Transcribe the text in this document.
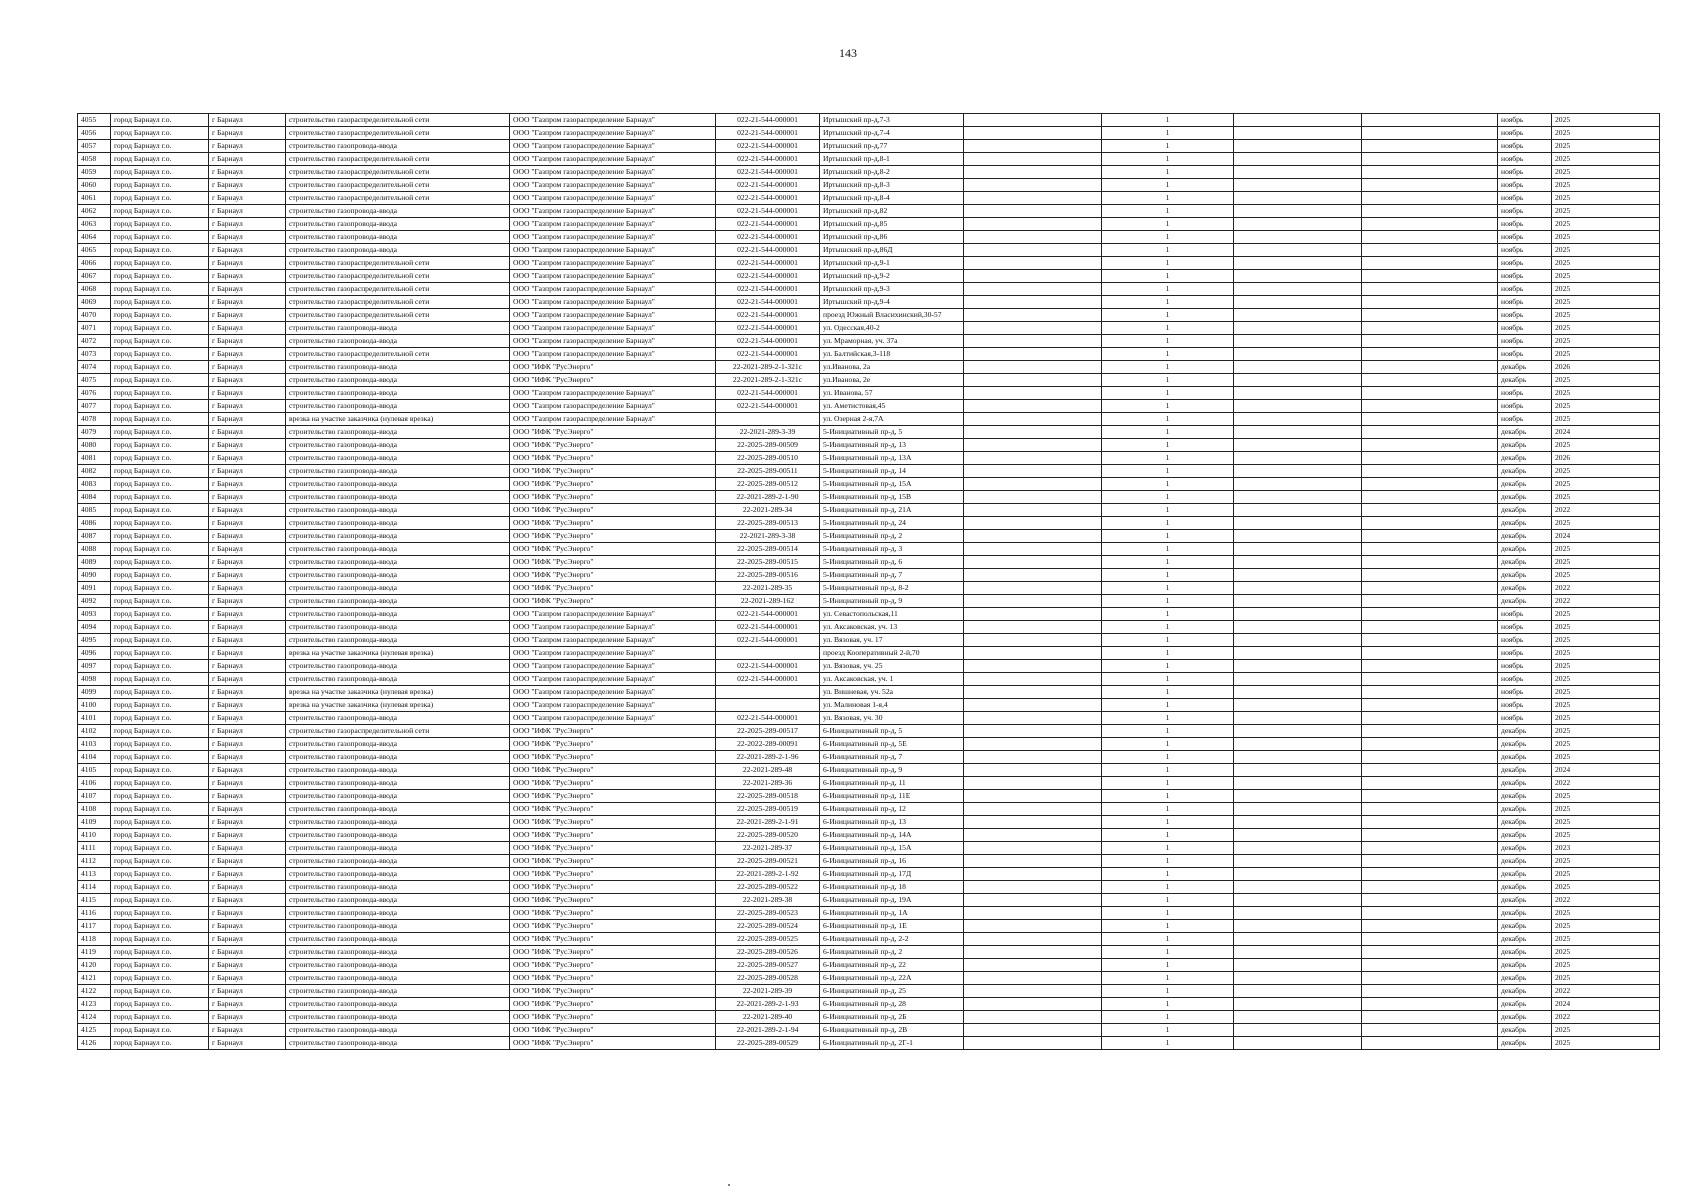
143
4055	город Барнаул г.о.	г Барнаул	строительство газораспределительной сети	ООО "Газпром газораспределение Барнаул"	022-21-544-000001	Иртышский пр-д,7-3		1			ноябрь	2025
4056	город Барнаул г.о.	г Барнаул	строительство газораспределительной сети	ООО "Газпром газораспределение Барнаул"	022-21-544-000001	Иртышский пр-д,7-4		1			ноябрь	2025
4057	город Барнаул г.о.	г Барнаул	строительство газопровода-ввода	ООО "Газпром газораспределение Барнаул"	022-21-544-000001	Иртышский пр-д,77		1			ноябрь	2025
4058	город Барнаул г.о.	г Барнаул	строительство газораспределительной сети	ООО "Газпром газораспределение Барнаул"	022-21-544-000001	Иртышский пр-д,8-1		1			ноябрь	2025
4059	город Барнаул г.о.	г Барнаул	строительство газораспределительной сети	ООО "Газпром газораспределение Барнаул"	022-21-544-000001	Иртышский пр-д,8-2		1			ноябрь	2025
4060	город Барнаул г.о.	г Барнаул	строительство газораспределительной сети	ООО "Газпром газораспределение Барнаул"	022-21-544-000001	Иртышский пр-д,8-3		1			ноябрь	2025
4061	город Барнаул г.о.	г Барнаул	строительство газораспределительной сети	ООО "Газпром газораспределение Барнаул"	022-21-544-000001	Иртышский пр-д,8-4		1			ноябрь	2025
4062	город Барнаул г.о.	г Барнаул	строительство газопровода-ввода	ООО "Газпром газораспределение Барнаул"	022-21-544-000001	Иртышский пр-д,82		1			ноябрь	2025
4063	город Барнаул г.о.	г Барнаул	строительство газопровода-ввода	ООО "Газпром газораспределение Барнаул"	022-21-544-000001	Иртышский пр-д,85		1			ноябрь	2025
4064	город Барнаул г.о.	г Барнаул	строительство газопровода-ввода	ООО "Газпром газораспределение Барнаул"	022-21-544-000001	Иртышский пр-д,86		1			ноябрь	2025
4065	город Барнаул г.о.	г Барнаул	строительство газопровода-ввода	ООО "Газпром газораспределение Барнаул"	022-21-544-000001	Иртышский пр-д,86Д		1			ноябрь	2025
4066	город Барнаул г.о.	г Барнаул	строительство газораспределительной сети	ООО "Газпром газораспределение Барнаул"	022-21-544-000001	Иртышский пр-д,9-1		1			ноябрь	2025
4067	город Барнаул г.о.	г Барнаул	строительство газораспределительной сети	ООО "Газпром газораспределение Барнаул"	022-21-544-000001	Иртышский пр-д,9-2		1			ноябрь	2025
4068	город Барнаул г.о.	г Барнаул	строительство газораспределительной сети	ООО "Газпром газораспределение Барнаул"	022-21-544-000001	Иртышский пр-д,9-3		1			ноябрь	2025
4069	город Барнаул г.о.	г Барнаул	строительство газораспределительной сети	ООО "Газпром газораспределение Барнаул"	022-21-544-000001	Иртышский пр-д,9-4		1			ноябрь	2025
4070	город Барнаул г.о.	г Барнаул	строительство газораспределительной сети	ООО "Газпром газораспределение Барнаул"	022-21-544-000001	проезд Южный Власихинский,30-57		1			ноябрь	2025
4071	город Барнаул г.о.	г Барнаул	строительство газопровода-ввода	ООО "Газпром газораспределение Барнаул"	022-21-544-000001	ул. Одесская,40-2		1			ноябрь	2025
4072	город Барнаул г.о.	г Барнаул	строительство газопровода-ввода	ООО "Газпром газораспределение Барнаул"	022-21-544-000001	ул. Мраморная, уч. 37а		1			ноябрь	2025
4073	город Барнаул г.о.	г Барнаул	строительство газораспределительной сети	ООО "Газпром газораспределение Барнаул"	022-21-544-000001	ул. Балтийская,3-118		1			ноябрь	2025
4074	город Барнаул г.о.	г Барнаул	строительство газопровода-ввода	ООО "ИФК "РусЭнерго"	22-2021-289-2-1-321с	ул.Иванова, 2а		1			декабрь	2026
4075	город Барнаул г.о.	г Барнаул	строительство газопровода-ввода	ООО "ИФК "РусЭнерго"	22-2021-289-2-1-321с	ул.Иванова, 2е		1			декабрь	2025
4076	город Барнаул г.о.	г Барнаул	строительство газопровода-ввода	ООО "Газпром газораспределение Барнаул"	022-21-544-000001	ул. Иванова, 57		1			ноябрь	2025
4077	город Барнаул г.о.	г Барнаул	строительство газопровода-ввода	ООО "Газпром газораспределение Барнаул"	022-21-544-000001	ул. Аметистовая,45		1			ноябрь	2025
4078	город Барнаул г.о.	г Барнаул	врезка на участке заказчика (нулевая врезка)	ООО "Газпром газораспределение Барнаул"		ул. Озерная 2-я,7А		1			ноябрь	2025
4079	город Барнаул г.о.	г Барнаул	строительство газопровода-ввода	ООО "ИФК "РусЭнерго"	22-2021-289-3-39	5-Инициативный пр-д, 5		1			декабрь	2024
4080	город Барнаул г.о.	г Барнаул	строительство газопровода-ввода	ООО "ИФК "РусЭнерго"	22-2025-289-00509	5-Инициативный пр-д, 13		1			декабрь	2025
4081	город Барнаул г.о.	г Барнаул	строительство газопровода-ввода	ООО "ИФК "РусЭнерго"	22-2025-289-00510	5-Инициативный пр-д, 13А		1			декабрь	2026
4082	город Барнаул г.о.	г Барнаул	строительство газопровода-ввода	ООО "ИФК "РусЭнерго"	22-2025-289-00511	5-Инициативный пр-д, 14		1			декабрь	2025
4083	город Барнаул г.о.	г Барнаул	строительство газопровода-ввода	ООО "ИФК "РусЭнерго"	22-2025-289-00512	5-Инициативный пр-д, 15А		1			декабрь	2025
4084	город Барнаул г.о.	г Барнаул	строительство газопровода-ввода	ООО "ИФК "РусЭнерго"	22-2021-289-2-1-90	5-Инициативный пр-д, 15В		1			декабрь	2025
4085	город Барнаул г.о.	г Барнаул	строительство газопровода-ввода	ООО "ИФК "РусЭнерго"	22-2021-289-34	5-Инициативный пр-д, 21А		1			декабрь	2022
4086	город Барнаул г.о.	г Барнаул	строительство газопровода-ввода	ООО "ИФК "РусЭнерго"	22-2025-289-00513	5-Инициативный пр-д, 24		1			декабрь	2025
4087	город Барнаул г.о.	г Барнаул	строительство газопровода-ввода	ООО "ИФК "РусЭнерго"	22-2021-289-3-38	5-Инициативный пр-д, 2		1			декабрь	2024
4088	город Барнаул г.о.	г Барнаул	строительство газопровода-ввода	ООО "ИФК "РусЭнерго"	22-2025-289-00514	5-Инициативный пр-д, 3		1			декабрь	2025
4089	город Барнаул г.о.	г Барнаул	строительство газопровода-ввода	ООО "ИФК "РусЭнерго"	22-2025-289-00515	5-Инициативный пр-д, 6		1			декабрь	2025
4090	город Барнаул г.о.	г Барнаул	строительство газопровода-ввода	ООО "ИФК "РусЭнерго"	22-2025-289-00516	5-Инициативный пр-д, 7		1			декабрь	2025
4091	город Барнаул г.о.	г Барнаул	строительство газопровода-ввода	ООО "ИФК "РусЭнерго"	22-2021-289-35	5-Инициативный пр-д, 8-2		1			декабрь	2022
4092	город Барнаул г.о.	г Барнаул	строительство газопровода-ввода	ООО "ИФК "РусЭнерго"	22-2021-289-162	5-Инициативный пр-д, 9		1			декабрь	2022
4093	город Барнаул г.о.	г Барнаул	строительство газопровода-ввода	ООО "Газпром газораспределение Барнаул"	022-21-544-000001	ул. Севастопольская,11		1			ноябрь	2025
4094	город Барнаул г.о.	г Барнаул	строительство газопровода-ввода	ООО "Газпром газораспределение Барнаул"	022-21-544-000001	ул. Аксаковская, уч. 13		1			ноябрь	2025
4095	город Барнаул г.о.	г Барнаул	строительство газопровода-ввода	ООО "Газпром газораспределение Барнаул"	022-21-544-000001	ул. Вязовая, уч. 17		1			ноябрь	2025
4096	город Барнаул г.о.	г Барнаул	врезка на участке заказчика (нулевая врезка)	ООО "Газпром газораспределение Барнаул"		проезд Кооперативный 2-й,70		1			ноябрь	2025
4097	город Барнаул г.о.	г Барнаул	строительство газопровода-ввода	ООО "Газпром газораспределение Барнаул"	022-21-544-000001	ул. Вязовая, уч. 25		1			ноябрь	2025
4098	город Барнаул г.о.	г Барнаул	строительство газопровода-ввода	ООО "Газпром газораспределение Барнаул"	022-21-544-000001	ул. Аксаковская, уч. 1		1			ноябрь	2025
4099	город Барнаул г.о.	г Барнаул	врезка на участке заказчика (нулевая врезка)	ООО "Газпром газораспределение Барнаул"		ул. Вишневая, уч. 52а		1			ноябрь	2025
4100	город Барнаул г.о.	г Барнаул	врезка на участке заказчика (нулевая врезка)	ООО "Газпром газораспределение Барнаул"		ул. Малиновая 1-я,4		1			ноябрь	2025
4101	город Барнаул г.о.	г Барнаул	строительство газопровода-ввода	ООО "Газпром газораспределение Барнаул"	022-21-544-000001	ул. Вязовая, уч. 30		1			ноябрь	2025
4102	город Барнаул г.о.	г Барнаул	строительство газораспределительной сети	ООО "ИФК "РусЭнерго"	22-2025-289-00517	6-Инициативный пр-д, 5		1			декабрь	2025
4103	город Барнаул г.о.	г Барнаул	строительство газопровода-ввода	ООО "ИФК "РусЭнерго"	22-2022-289-00091	6-Инициативный пр-д, 5Е		1			декабрь	2025
4104	город Барнаул г.о.	г Барнаул	строительство газопровода-ввода	ООО "ИФК "РусЭнерго"	22-2021-289-2-1-96	6-Инициативный пр-д, 7		1			декабрь	2025
4105	город Барнаул г.о.	г Барнаул	строительство газопровода-ввода	ООО "ИФК "РусЭнерго"	22-2021-289-48	6-Инициативный пр-д, 9		1			декабрь	2024
4106	город Барнаул г.о.	г Барнаул	строительство газопровода-ввода	ООО "ИФК "РусЭнерго"	22-2021-289-36	6-Инициативный пр-д, 11		1			декабрь	2022
4107	город Барнаул г.о.	г Барнаул	строительство газопровода-ввода	ООО "ИФК "РусЭнерго"	22-2025-289-00518	6-Инициативный пр-д, 11Е		1			декабрь	2025
4108	город Барнаул г.о.	г Барнаул	строительство газопровода-ввода	ООО "ИФК "РусЭнерго"	22-2025-289-00519	6-Инициативный пр-д, 12		1			декабрь	2025
4109	город Барнаул г.о.	г Барнаул	строительство газопровода-ввода	ООО "ИФК "РусЭнерго"	22-2021-289-2-1-91	6-Инициативный пр-д, 13		1			декабрь	2025
4110	город Барнаул г.о.	г Барнаул	строительство газопровода-ввода	ООО "ИФК "РусЭнерго"	22-2025-289-00520	6-Инициативный пр-д, 14А		1			декабрь	2025
4111	город Барнаул г.о.	г Барнаул	строительство газопровода-ввода	ООО "ИФК "РусЭнерго"	22-2021-289-37	6-Инициативный пр-д, 15А		1			декабрь	2023
4112	город Барнаул г.о.	г Барнаул	строительство газопровода-ввода	ООО "ИФК "РусЭнерго"	22-2025-289-00521	6-Инициативный пр-д, 16		1			декабрь	2025
4113	город Барнаул г.о.	г Барнаул	строительство газопровода-ввода	ООО "ИФК "РусЭнерго"	22-2021-289-2-1-92	6-Инициативный пр-д, 17Д		1			декабрь	2025
4114	город Барнаул г.о.	г Барнаул	строительство газопровода-ввода	ООО "ИФК "РусЭнерго"	22-2025-289-00522	6-Инициативный пр-д, 18		1			декабрь	2025
4115	город Барнаул г.о.	г Барнаул	строительство газопровода-ввода	ООО "ИФК "РусЭнерго"	22-2021-289-38	6-Инициативный пр-д, 19А		1			декабрь	2022
4116	город Барнаул г.о.	г Барнаул	строительство газопровода-ввода	ООО "ИФК "РусЭнерго"	22-2025-289-00523	6-Инициативный пр-д, 1А		1			декабрь	2025
4117	город Барнаул г.о.	г Барнаул	строительство газопровода-ввода	ООО "ИФК "РусЭнерго"	22-2025-289-00524	6-Инициативный пр-д, 1Е		1			декабрь	2025
4118	город Барнаул г.о.	г Барнаул	строительство газопровода-ввода	ООО "ИФК "РусЭнерго"	22-2025-289-00525	6-Инициативный пр-д, 2-2		1			декабрь	2025
4119	город Барнаул г.о.	г Барнаул	строительство газопровода-ввода	ООО "ИФК "РусЭнерго"	22-2025-289-00526	6-Инициативный пр-д, 2		1			декабрь	2025
4120	город Барнаул г.о.	г Барнаул	строительство газопровода-ввода	ООО "ИФК "РусЭнерго"	22-2025-289-00527	6-Инициативный пр-д, 22		1			декабрь	2025
4121	город Барнаул г.о.	г Барнаул	строительство газопровода-ввода	ООО "ИФК "РусЭнерго"	22-2025-289-00528	6-Инициативный пр-д, 22А		1			декабрь	2025
4122	город Барнаул г.о.	г Барнаул	строительство газопровода-ввода	ООО "ИФК "РусЭнерго"	22-2021-289-39	6-Инициативный пр-д, 25		1			декабрь	2022
4123	город Барнаул г.о.	г Барнаул	строительство газопровода-ввода	ООО "ИФК "РусЭнерго"	22-2021-289-2-1-93	6-Инициативный пр-д, 28		1			декабрь	2024
4124	город Барнаул г.о.	г Барнаул	строительство газопровода-ввода	ООО "ИФК "РусЭнерго"	22-2021-289-40	6-Инициативный пр-д, 2Б		1			декабрь	2022
4125	город Барнаул г.о.	г Барнаул	строительство газопровода-ввода	ООО "ИФК "РусЭнерго"	22-2021-289-2-1-94	6-Инициативный пр-д, 2В		1			декабрь	2025
4126	город Барнаул г.о.	г Барнаул	строительство газопровода-ввода	ООО "ИФК "РусЭнерго"	22-2025-289-00529	6-Инициативный пр-д, 2Г-1		1			декабрь	2025
